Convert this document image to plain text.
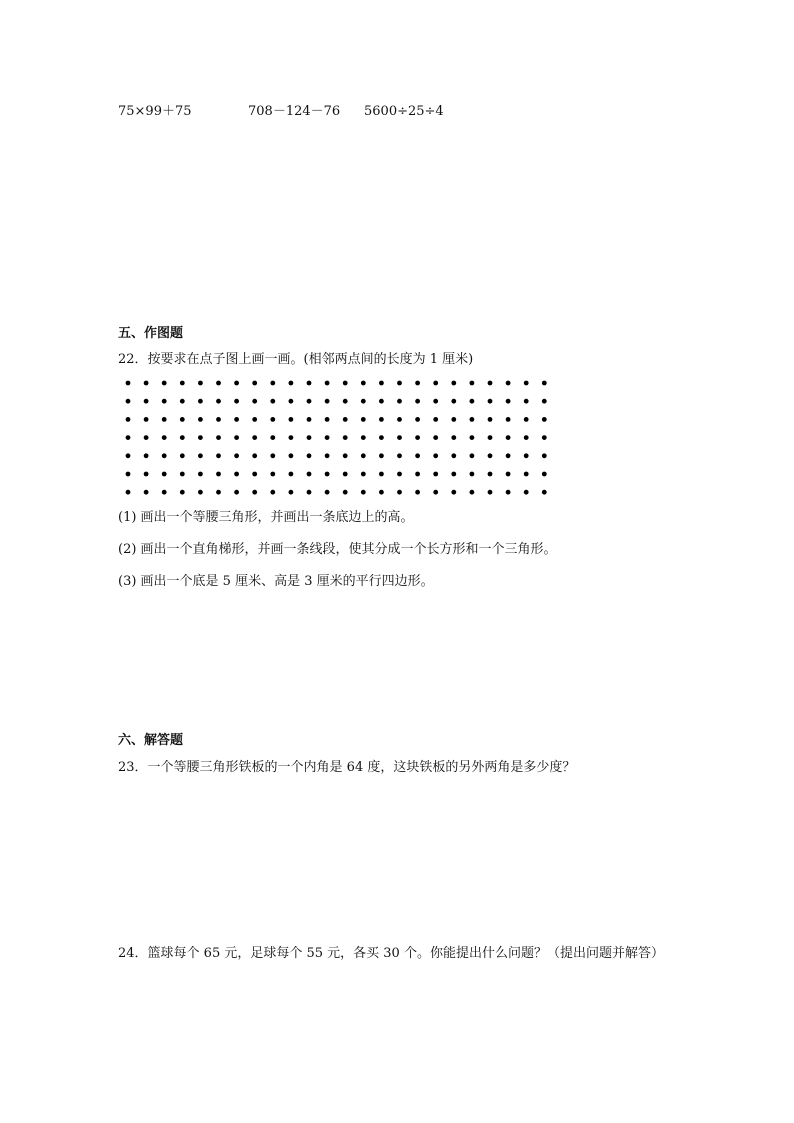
75×99＋75	708－124－76 5600÷25÷4
五、作图题
22．按要求在点子图上画一画。(相邻两点间的长度为 1 厘米)
(1) 画出一个等腰三角形，并画出一条底边上的高。
(2) 画出一个直角梯形，并画一条线段，使其分成一个长方形和一个三角形。
(3) 画出一个底是 5 厘米、高是 3 厘米的平行四边形。
六、解答题
23．一个等腰三角形铁板的一个内角是 64 度，这块铁板的另外两角是多少度？
24．篮球每个 65 元，足球每个 55 元，各买 30 个。你能提出什么问题？（提出问题并解答）
